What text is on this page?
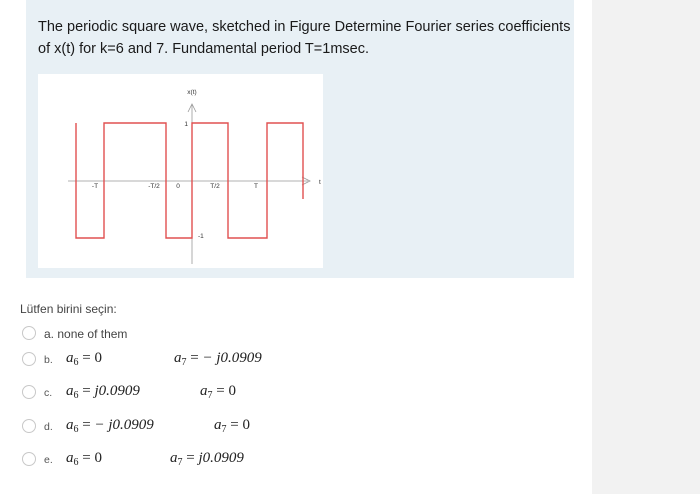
The periodic square wave, sketched in Figure Determine Fourier series coefficients of x(t) for k=6 and 7. Fundamental period T=1msec.
x(t)
t
1
-1
-T	-T/2	0	T/2	T
Lütfen birini seçin:
a. none of them
b. $a_6 = 0$	$a_7$ = − j0.0909
c. $a_6 = j0.0909$	$a_7 = 0$
d. $a_6$ = − j0.0909	$a_7 = 0$
e. $a_6 = 0$	$a_7 = j0.0909$
